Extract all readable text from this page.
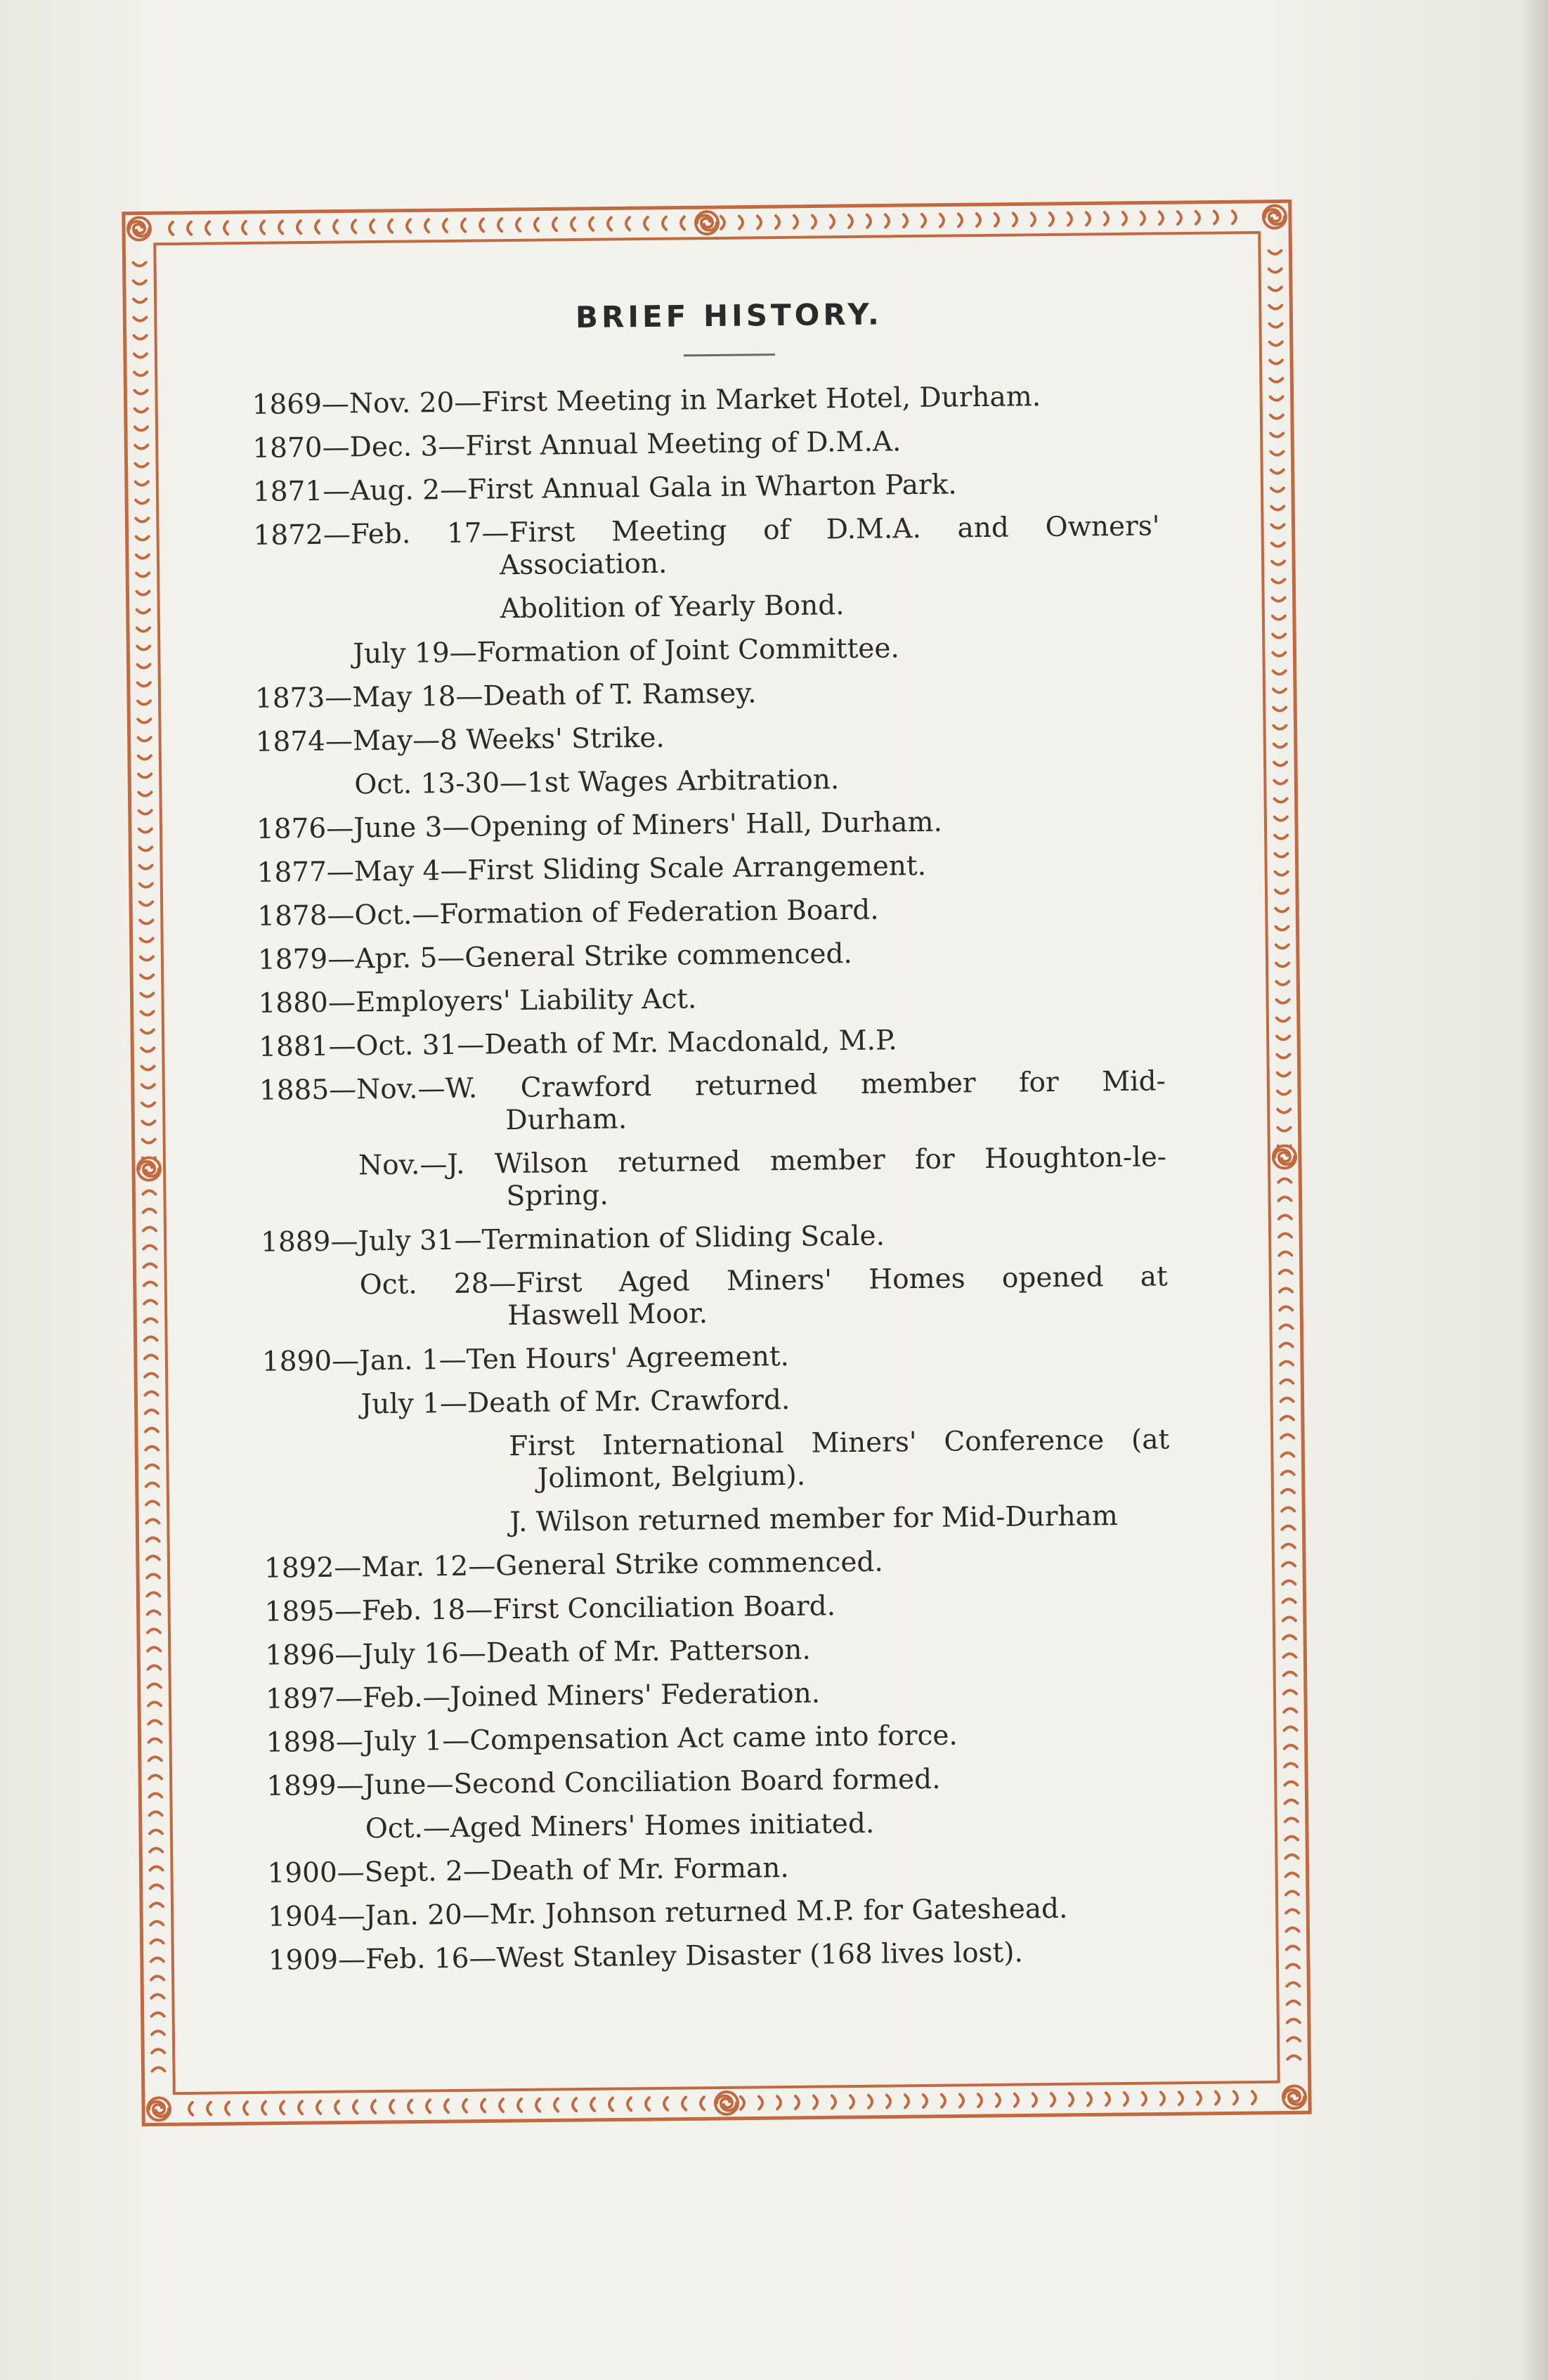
BRIEF HISTORY.
1869—Nov. 20—First Meeting in Market Hotel, Durham.
1870—Dec. 3—First Annual Meeting of D.M.A.
1871—Aug. 2—First Annual Gala in Wharton Park.
1872—Feb. 17—First Meeting of D.M.A. and Owners'
Association.
Abolition of Yearly Bond.
July 19—Formation of Joint Committee.
1873—May 18—Death of T. Ramsey.
1874—May—8 Weeks' Strike.
Oct. 13-30—1st Wages Arbitration.
1876—June 3—Opening of Miners' Hall, Durham.
1877—May 4—First Sliding Scale Arrangement.
1878—Oct.—Formation of Federation Board.
1879—Apr. 5—General Strike commenced.
1880—Employers' Liability Act.
1881—Oct. 31—Death of Mr. Macdonald, M.P.
1885—Nov.—W. Crawford returned member for Mid-
Durham.
Nov.—J. Wilson returned member for Houghton-le-
Spring.
1889—July 31—Termination of Sliding Scale.
Oct. 28—First Aged Miners' Homes opened at
Haswell Moor.
1890—Jan. 1—Ten Hours' Agreement.
July 1—Death of Mr. Crawford.
First International Miners' Conference (at
Jolimont, Belgium).
J. Wilson returned member for Mid-Durham
1892—Mar. 12—General Strike commenced.
1895—Feb. 18—First Conciliation Board.
1896—July 16—Death of Mr. Patterson.
1897—Feb.—Joined Miners' Federation.
1898—July 1—Compensation Act came into force.
1899—June—Second Conciliation Board formed.
Oct.—Aged Miners' Homes initiated.
1900—Sept. 2—Death of Mr. Forman.
1904—Jan. 20—Mr. Johnson returned M.P. for Gateshead.
1909—Feb. 16—West Stanley Disaster (168 lives lost).
